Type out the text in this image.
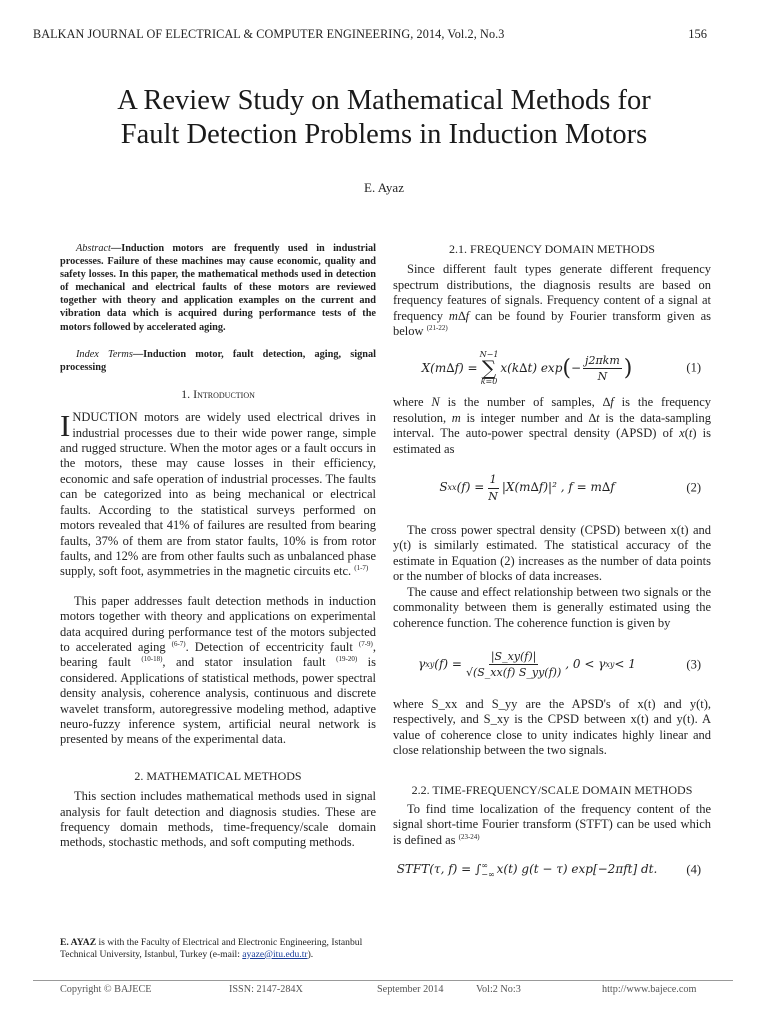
BALKAN JOURNAL OF ELECTRICAL & COMPUTER ENGINEERING, 2014, Vol.2, No.3	156
A Review Study on Mathematical Methods for
Fault Detection Problems in Induction Motors
E. Ayaz

Abstract—Induction motors are frequently used in industrial processes. Failure of these machines may cause economic, quality and safety losses. In this paper, the mathematical methods used in detection of mechanical and electrical faults of these motors are reviewed together with theory and application examples on the current and vibration data which is acquired during performance tests of the motors followed by accelerated aging.

Index Terms—Induction motor, fault detection, aging, signal processing

1. Introduction

INDUCTION motors are widely used electrical drives in industrial processes due to their wide power range, simple and rugged structure. When the motor ages or a fault occurs in the motors, these may cause losses in their efficiency, economic and safe operation of industrial processes. The faults can be categorized into as being mechanical or electrical faults. According to the statistical surveys performed on motors revealed that 41% of failures are resulted from bearing faults, 37% of them are from stator faults, 10% is from rotor faults, and 12% are from other faults such as unbalanced phase supply, soft foot, asymmetries in the magnetic circuits etc. $^{(1-7)}$

This paper addresses fault detection methods in induction motors together with theory and applications on experimental data acquired during performance test of the motors subjected to accelerated aging $^{(6-7)}$. Detection of eccentricity fault $^{(7-9)}$, bearing fault $^{(10-18)}$, and stator insulation fault $^{(19-20)}$ is considered. Applications of statistical methods, power spectral density analysis, coherence analysis, continuous and discrete wavelet transform, autoregressive modeling method, adaptive neuro-fuzzy inference system, artificial neural network is presented by means of the experimental data.

2. MATHEMATICAL METHODS

This section includes mathematical methods used in signal analysis for fault detection and diagnosis studies. These are frequency domain methods, time-frequency/scale domain methods, stochastic methods, and soft computing methods.

2.1. FREQUENCY DOMAIN METHODS

Since different fault types generate different frequency spectrum distributions, the diagnosis results are based on frequency features of signals. Frequency content of a signal at frequency m∆f can be found by Fourier transform given as below $^{(21-22)}$

X(m∆f) =
N−1
∑
k=0
x(k∆t) exp ( − $\frac{\text{j2πkm}}{N}$ )	(1)

where N is the number of samples, ∆f is the frequency resolution, m is integer number and ∆t is the data-sampling interval. The auto-power spectral density (APSD) of x(t) is estimated as

S xx $(f) = \frac{1}{N} |X(m\Delta f)|^2$ , f = m∆f	(2)

The cross power spectral density (CPSD) between x(t) and y(t) is similarly estimated. The statistical accuracy of the estimate in Equation (2) increases as the number of data points or the number of blocks of data increases.

The cause and effect relationship between two signals or the commonality between them is generally estimated using the coherence function. The coherence function is given by

γ xy $(f) = \frac{|S\_xy(f)|}{√(S\_xx(f) S\_yy(f))}$ , 0 < γ xy < 1	(3)

where S_xx and S_yy are the APSD's of x(t) and y(t), respectively, and S_xy is the CPSD between x(t) and y(t). A value of coherence close to unity indicates highly linear and close relationship between the two signals.

2.2. TIME-FREQUENCY/SCALE DOMAIN METHODS

To find time localization of the frequency content of the signal short-time Fourier transform (STFT) can be used which is defined as $^{(23-24)}$

STFT(τ, f) = ∫ ∞
−∞ x(t) g(t − τ) exp[−2πft] dt. (4)
E. AYAZ is with the Faculty of Electrical and Electronic Engineering, Istanbul Technical University, Istanbul, Turkey (e-mail: ayaze@itu.edu.tr).
Copyright © BAJECE	ISSN: 2147-284X	September 2014	Vol:2 No:3	http://www.bajece.com
